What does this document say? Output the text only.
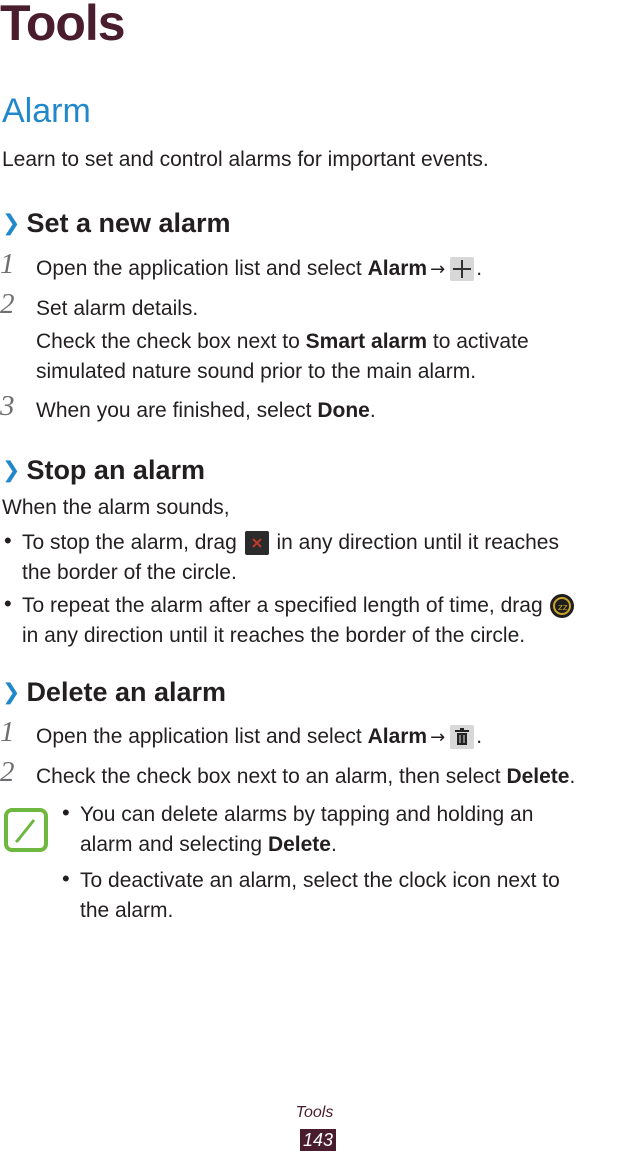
Tools
Alarm
Learn to set and control alarms for important events.
❯ Set a new alarm
1 Open the application list and select Alarm → .
2 Set alarm details.
Check the check box next to Smart alarm to activate
simulated nature sound prior to the main alarm.
3 When you are finished, select Done.
❯ Stop an alarm
When the alarm sounds,
• To stop the alarm, drag in any direction until it reaches
the border of the circle.
• To repeat the alarm after a specified length of time, drag zz

in any direction until it reaches the border of the circle.
❯ Delete an alarm
1 Open the application list and select Alarm → .
2 Check the check box next to an alarm, then select Delete.
• You can delete alarms by tapping and holding an
alarm and selecting Delete.
• To deactivate an alarm, select the clock icon next to
the alarm.
Tools
143
